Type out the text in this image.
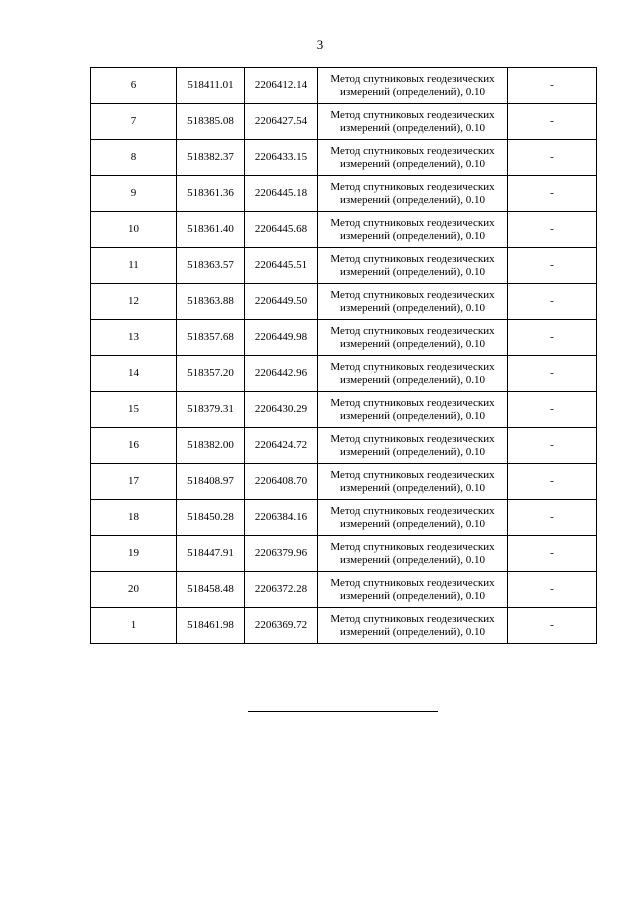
3
6	518411.01	2206412.14	Метод спутниковых геодезических измерений (определений), 0.10	-
7	518385.08	2206427.54	Метод спутниковых геодезических измерений (определений), 0.10	-
8	518382.37	2206433.15	Метод спутниковых геодезических измерений (определений), 0.10	-
9	518361.36	2206445.18	Метод спутниковых геодезических измерений (определений), 0.10	-
10	518361.40	2206445.68	Метод спутниковых геодезических измерений (определений), 0.10	-
11	518363.57	2206445.51	Метод спутниковых геодезических измерений (определений), 0.10	-
12	518363.88	2206449.50	Метод спутниковых геодезических измерений (определений), 0.10	-
13	518357.68	2206449.98	Метод спутниковых геодезических измерений (определений), 0.10	-
14	518357.20	2206442.96	Метод спутниковых геодезических измерений (определений), 0.10	-
15	518379.31	2206430.29	Метод спутниковых геодезических измерений (определений), 0.10	-
16	518382.00	2206424.72	Метод спутниковых геодезических измерений (определений), 0.10	-
17	518408.97	2206408.70	Метод спутниковых геодезических измерений (определений), 0.10	-
18	518450.28	2206384.16	Метод спутниковых геодезических измерений (определений), 0.10	-
19	518447.91	2206379.96	Метод спутниковых геодезических измерений (определений), 0.10	-
20	518458.48	2206372.28	Метод спутниковых геодезических измерений (определений), 0.10	-
1	518461.98	2206369.72	Метод спутниковых геодезических измерений (определений), 0.10	-
